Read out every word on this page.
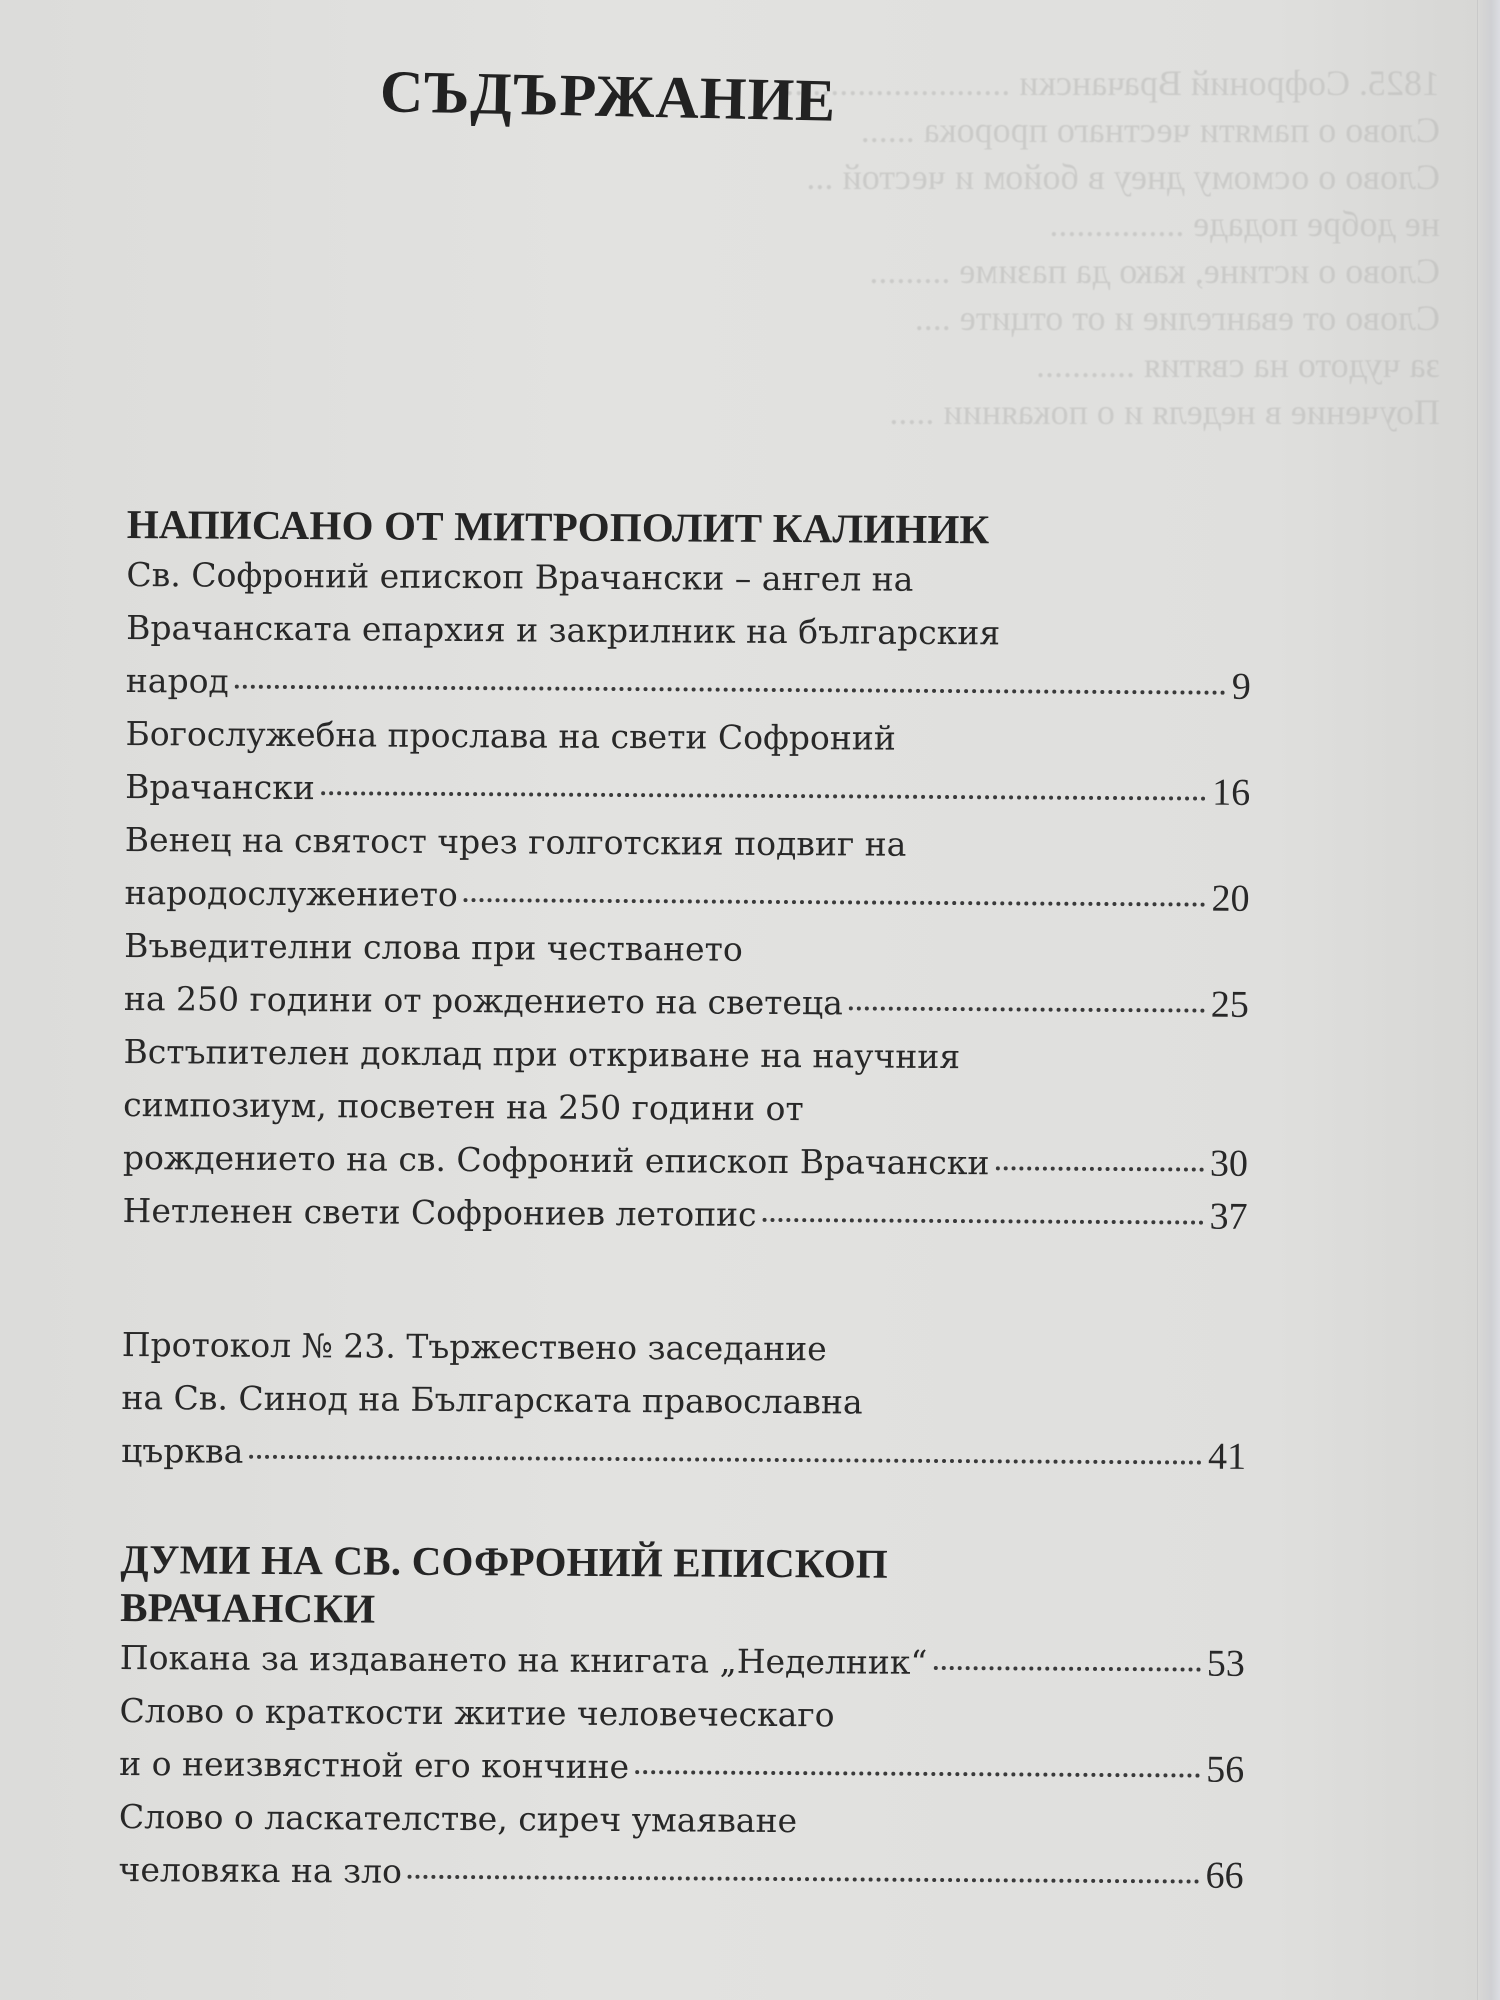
1825. Софроний Врачански ..........................
Слово о памяти честнаго пророка ......
Слово о осмому днеу в бойом и честой ...
не добре подаде ...............
Слово о истине, како да пазиме .........
Слово от евангелие и от отците ....
за чудото на святия ...........
Поучение в неделя и о покаянии .....
СЪДЪРЖАНИЕ
НАПИСАНО ОТ МИТРОПОЛИТ КАЛИНИК
Св. Софроний епископ Врачански – ангел на
Врачанската епархия и закрилник на българския
народ	9
Богослужебна прослава на свети Софроний
Врачански	16
Венец на святост чрез голготския подвиг на
народослужението	20
Въведителни слова при честването
на 250 години от рождението на светеца	25
Встъпителен доклад при откриване на научния
симпозиум, посветен на 250 години от
рождението на св. Софроний епископ Врачански	30
Нетленен свети Софрониев летопис	37
Протокол № 23. Тържествено заседание
на Св. Синод на Българската православна
църква	41
ДУМИ НА СВ. СОФРОНИЙ ЕПИСКОП
ВРАЧАНСКИ
Покана за издаването на книгата „Неделник“	53
Слово о краткости житие человеческаго
и о неизвястной его кончине	56
Слово о ласкателстве, сиреч умаяване
человяка на зло	66
